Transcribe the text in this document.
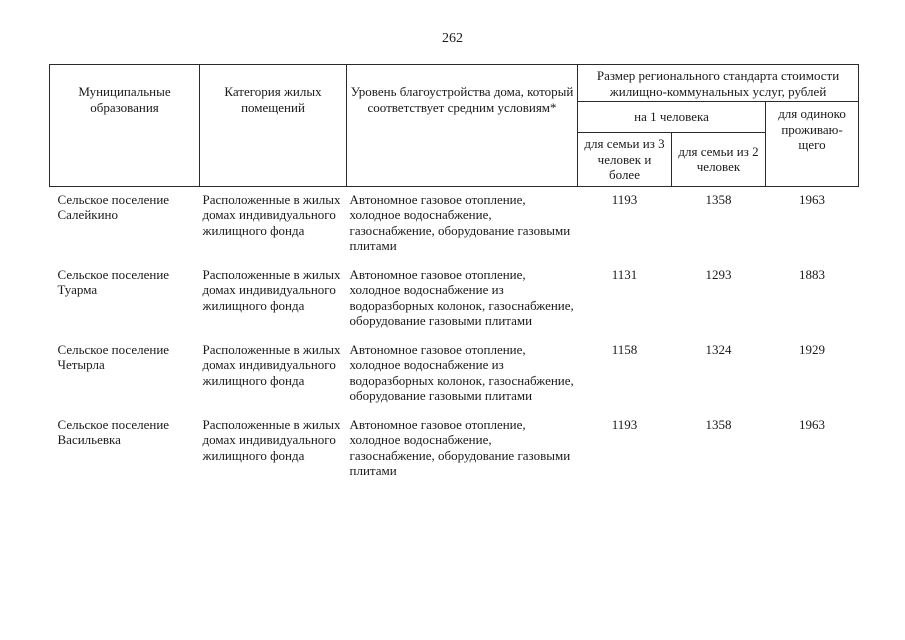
262
Муниципальные образования	Категория жилых помещений	Уровень благоустройства дома, который соответствует средним условиям*	Размер регионального стандарта стоимости жилищно-коммунальных услуг, рублей		
			на 1 человека		для одиноко проживаю-щего
			для семьи из 3 человек и более	для семьи из 2 человек	
Сельское поселение Салейкино	Расположенные в жилых домах индивидуального жилищного фонда	Автономное газовое отопление, холодное водоснабжение, газоснабжение, оборудование газовыми плитами	1193	1358	1963
Сельское поселение Туарма	Расположенные в жилых домах индивидуального жилищного фонда	Автономное газовое отопление, холодное водоснабжение из водоразборных колонок, газоснабжение, оборудование газовыми плитами	1131	1293	1883
Сельское поселение Четырла	Расположенные в жилых домах индивидуального жилищного фонда	Автономное газовое отопление, холодное водоснабжение из водоразборных колонок, газоснабжение, оборудование газовыми плитами	1158	1324	1929
Сельское поселение Васильевка	Расположенные в жилых домах индивидуального жилищного фонда	Автономное газовое отопление, холодное водоснабжение, газоснабжение, оборудование газовыми плитами	1193	1358	1963
